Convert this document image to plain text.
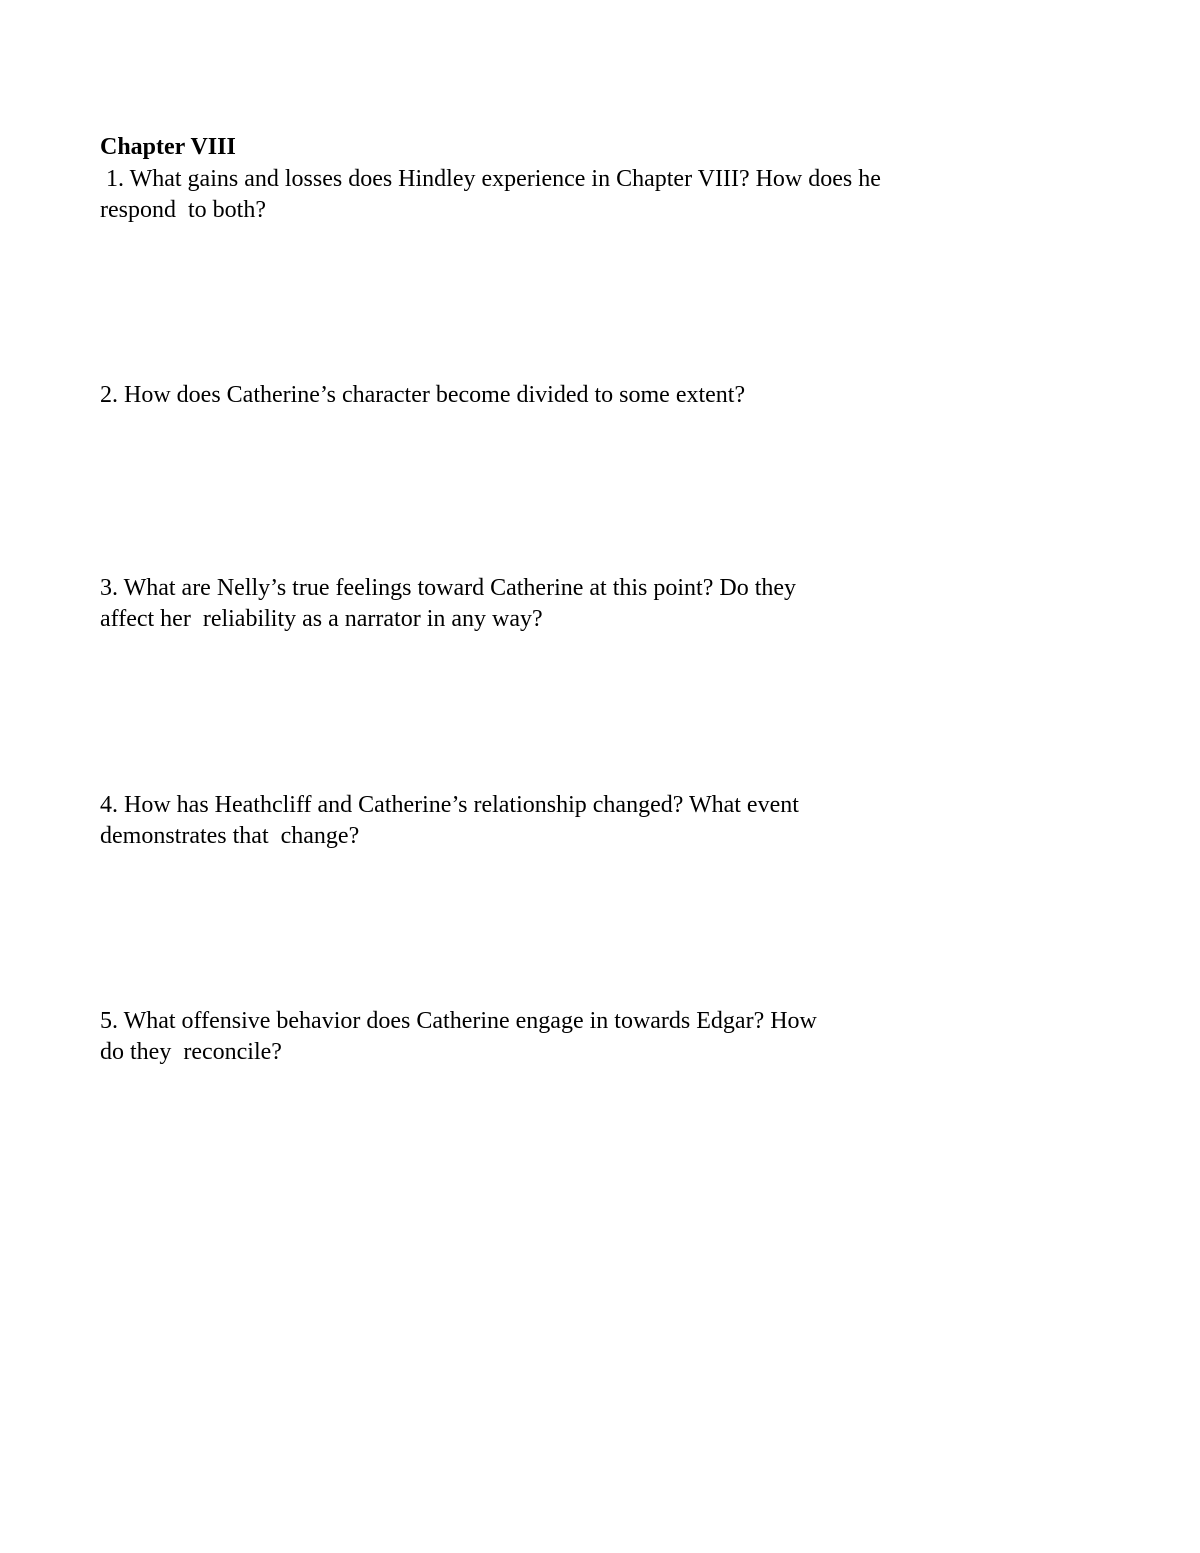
Chapter VIII
1. What gains and losses does Hindley experience in Chapter VIII? How does he
respond  to both?
2. How does Catherine’s character become divided to some extent?
3. What are Nelly’s true feelings toward Catherine at this point? Do they
affect her  reliability as a narrator in any way?
4. How has Heathcliff and Catherine’s relationship changed? What event
demonstrates that  change?
5. What offensive behavior does Catherine engage in towards Edgar? How
do they  reconcile?
